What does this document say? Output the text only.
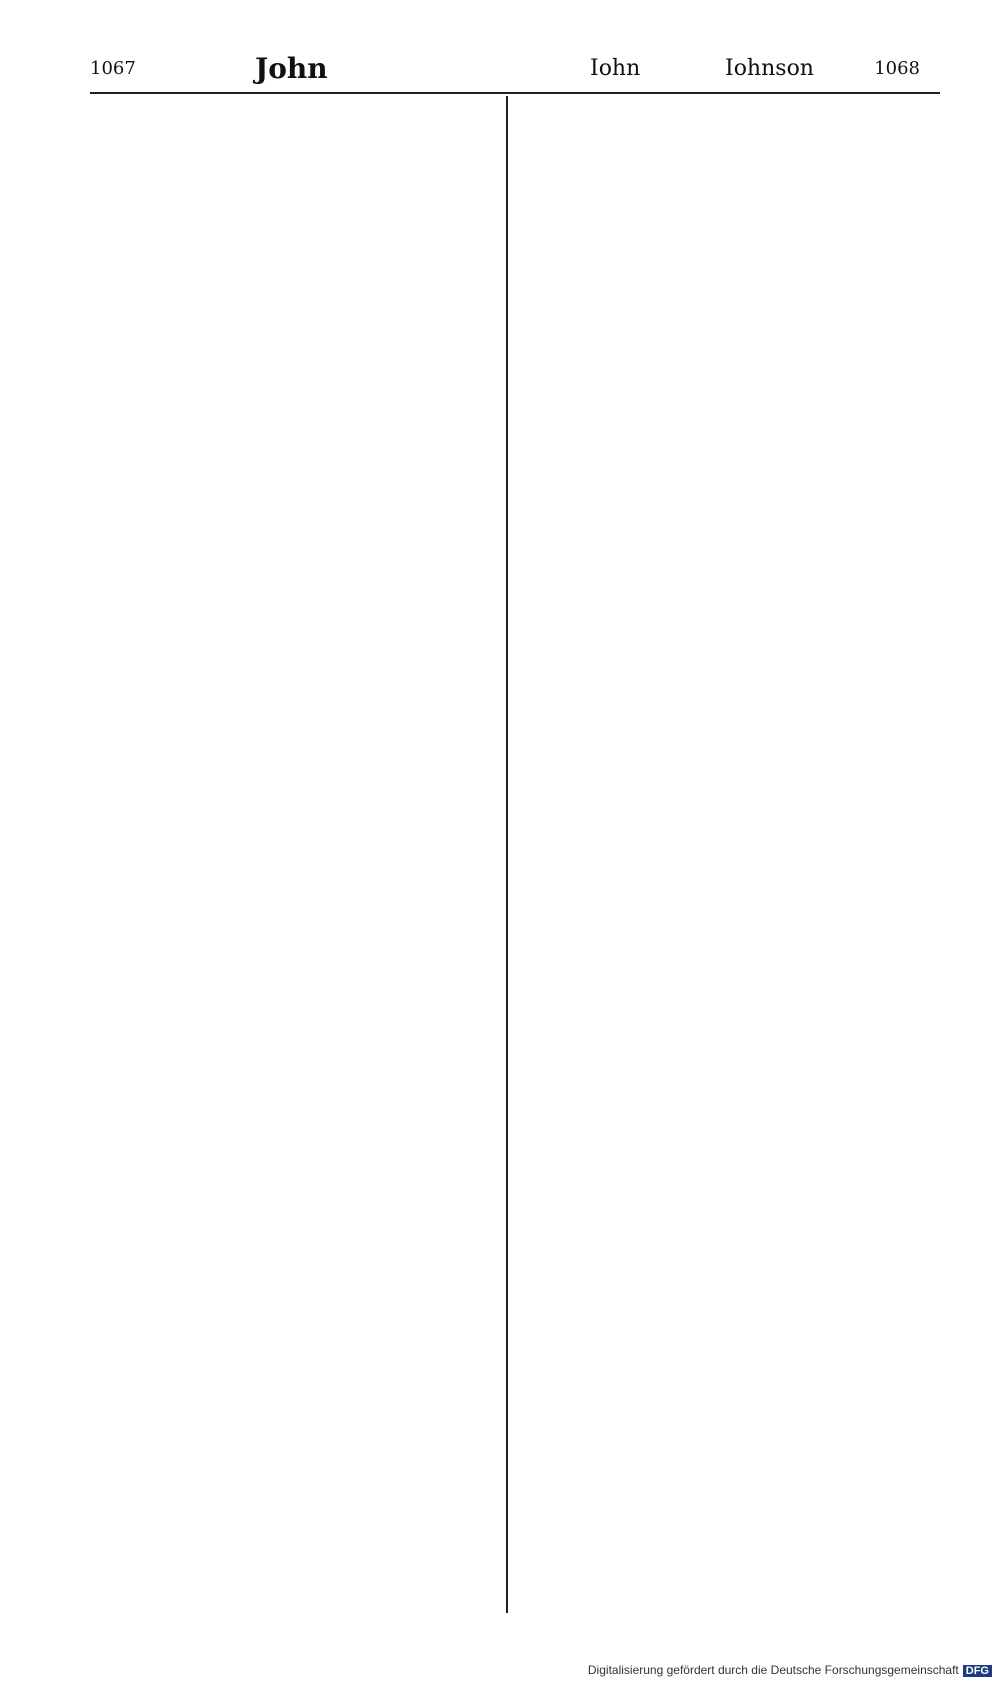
1067	John	Iohn	Iohnson	1068
Digitalisierung gefördert durch die Deutsche Forschungsgemeinschaft DFG
